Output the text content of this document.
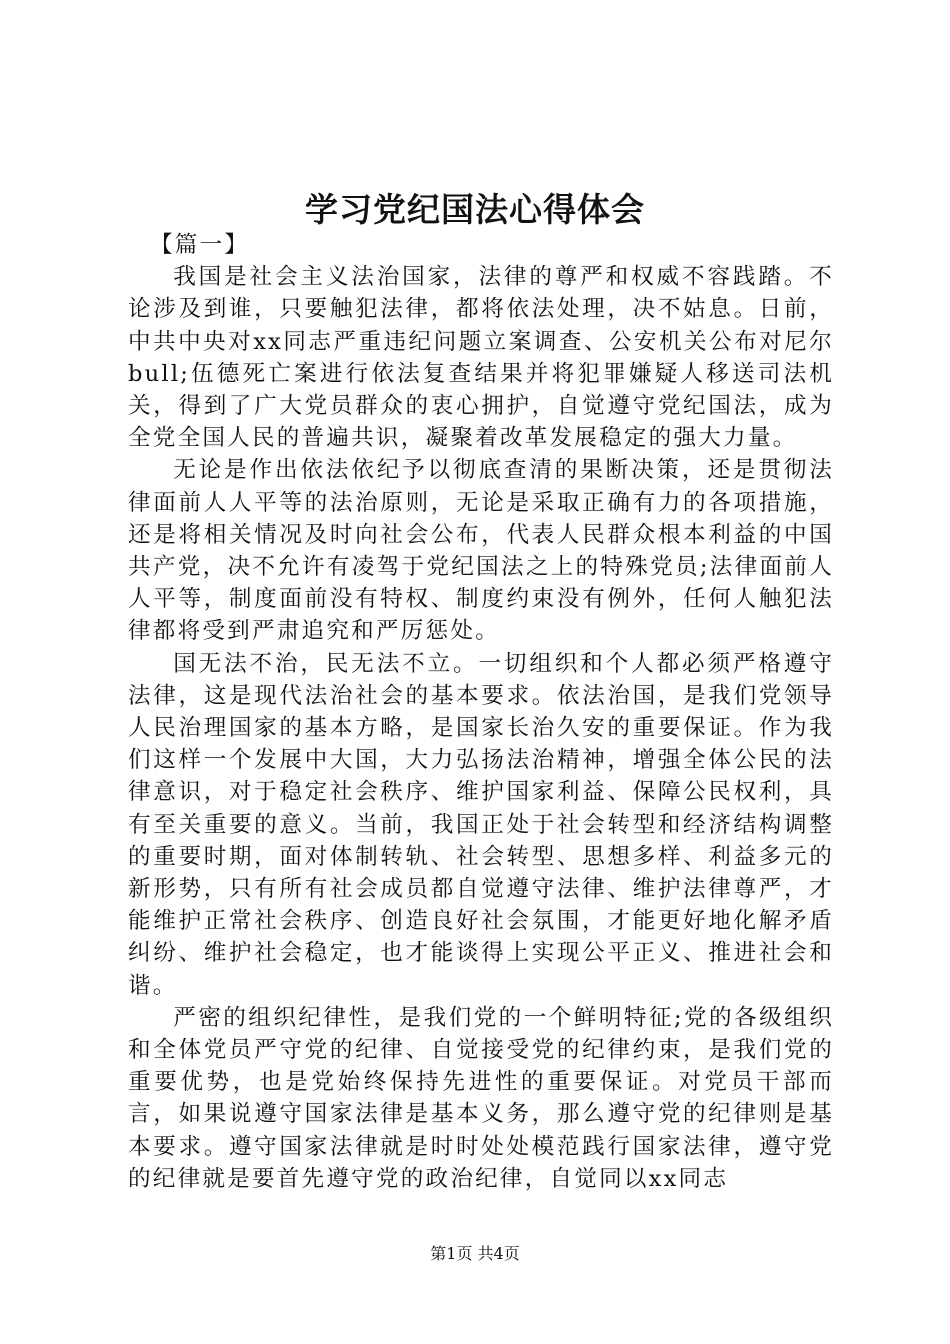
学习党纪国法心得体会

【篇一】

我国是社会主义法治国家，法律的尊严和权威不容践踏。不论涉及到谁，只要触犯法律，都将依法处理，决不姑息。日前，中共中央对xx同志严重违纪问题立案调查、公安机关公布对尼尔bull;伍德死亡案进行依法复查结果并将犯罪嫌疑人移送司法机关，得到了广大党员群众的衷心拥护，自觉遵守党纪国法，成为全党全国人民的普遍共识，凝聚着改革发展稳定的强大力量。

无论是作出依法依纪予以彻底查清的果断决策，还是贯彻法律面前人人平等的法治原则，无论是采取正确有力的各项措施，还是将相关情况及时向社会公布，代表人民群众根本利益的中国共产党，决不允许有凌驾于党纪国法之上的特殊党员;法律面前人人平等，制度面前没有特权、制度约束没有例外，任何人触犯法律都将受到严肃追究和严厉惩处。

国无法不治，民无法不立。一切组织和个人都必须严格遵守法律，这是现代法治社会的基本要求。依法治国，是我们党领导人民治理国家的基本方略，是国家长治久安的重要保证。作为我们这样一个发展中大国，大力弘扬法治精神，增强全体公民的法律意识，对于稳定社会秩序、维护国家利益、保障公民权利，具有至关重要的意义。当前，我国正处于社会转型和经济结构调整的重要时期，面对体制转轨、社会转型、思想多样、利益多元的新形势，只有所有社会成员都自觉遵守法律、维护法律尊严，才能维护正常社会秩序、创造良好社会氛围，才能更好地化解矛盾纠纷、维护社会稳定，也才能谈得上实现公平正义、推进社会和谐。

严密的组织纪律性，是我们党的一个鲜明特征;党的各级组织和全体党员严守党的纪律、自觉接受党的纪律约束，是我们党的重要优势，也是党始终保持先进性的重要保证。对党员干部而言，如果说遵守国家法律是基本义务，那么遵守党的纪律则是基本要求。遵守国家法律就是时时处处模范践行国家法律，遵守党的纪律就是要首先遵守党的政治纪律，自觉同以xx同志

第1页 共4页
